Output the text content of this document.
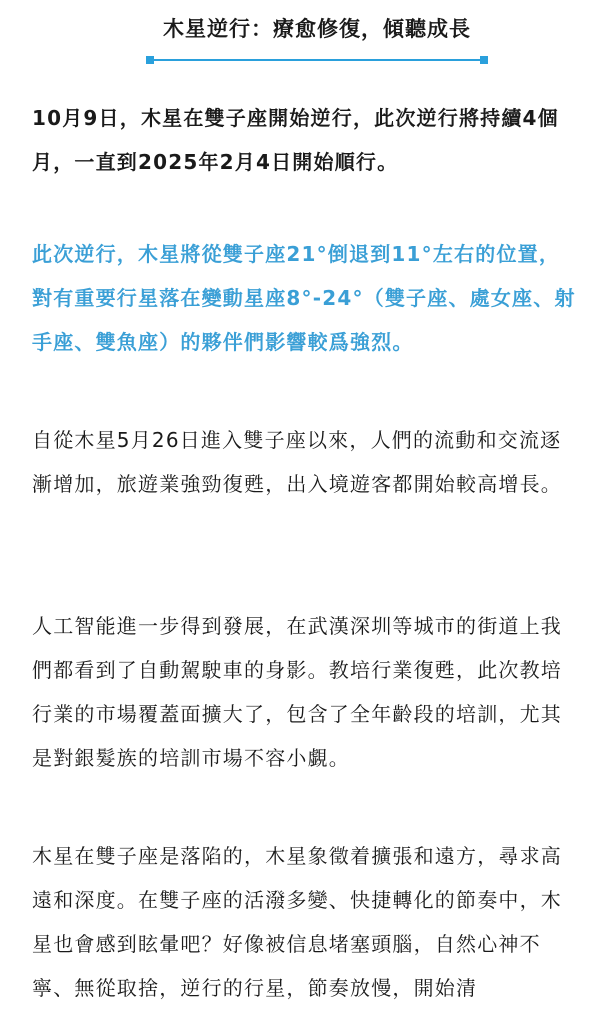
木星逆行：療愈修復，傾聽成長

10月9日，木星在雙子座開始逆行，此次逆行將持續4個月，一直到2025年2月4日開始順行。

此次逆行，木星將從雙子座21°倒退到11°左右的位置，對有重要行星落在變動星座8°-24°（雙子座、處女座、射手座、雙魚座）的夥伴們影響較爲強烈。

自從木星5月26日進入雙子座以來，人們的流動和交流逐漸增加，旅遊業強勁復甦，出入境遊客都開始較高增長。

人工智能進一步得到發展，在武漢深圳等城市的街道上我們都看到了自動駕駛車的身影。教培行業復甦，此次教培行業的市場覆蓋面擴大了，包含了全年齡段的培訓，尤其是對銀髮族的培訓市場不容小覷。

木星在雙子座是落陷的，木星象徵着擴張和遠方，尋求高遠和深度。在雙子座的活潑多變、快捷轉化的節奏中，木星也會感到眩暈吧？好像被信息堵塞頭腦，自然心神不寧、無從取捨，逆行的行星，節奏放慢，開始清
